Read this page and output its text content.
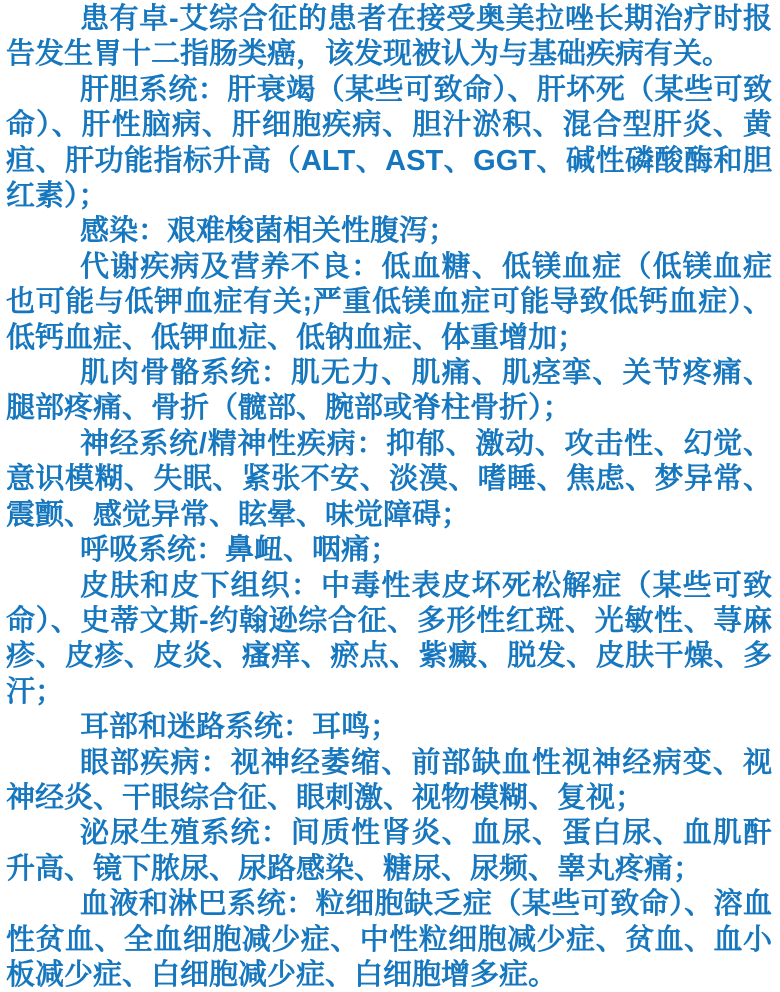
患有卓-艾综合征的患者在接受奥美拉唑长期治疗时报告发生胃十二指肠类癌，该发现被认为与基础疾病有关。

肝胆系统：肝衰竭（某些可致命）、肝坏死（某些可致命）、肝性脑病、肝细胞疾病、胆汁淤积、混合型肝炎、黄疸、肝功能指标升高（ALT、AST、GGT、碱性磷酸酶和胆红素）；

感染：艰难梭菌相关性腹泻；

代谢疾病及营养不良：低血糖、低镁血症（低镁血症也可能与低钾血症有关;严重低镁血症可能导致低钙血症）、低钙血症、低钾血症、低钠血症、体重增加；

肌肉骨骼系统：肌无力、肌痛、肌痉挛、关节疼痛、腿部疼痛、骨折（髋部、腕部或脊柱骨折）；

神经系统/精神性疾病：抑郁、激动、攻击性、幻觉、意识模糊、失眠、紧张不安、淡漠、嗜睡、焦虑、梦异常、震颤、感觉异常、眩晕、味觉障碍；

呼吸系统：鼻衄、咽痛；

皮肤和皮下组织：中毒性表皮坏死松解症（某些可致命）、史蒂文斯-约翰逊综合征、多形性红斑、光敏性、荨麻疹、皮疹、皮炎、瘙痒、瘀点、紫癜、脱发、皮肤干燥、多汗；

耳部和迷路系统：耳鸣；

眼部疾病：视神经萎缩、前部缺血性视神经病变、视神经炎、干眼综合征、眼刺激、视物模糊、复视；

泌尿生殖系统：间质性肾炎、血尿、蛋白尿、血肌酐升高、镜下脓尿、尿路感染、糖尿、尿频、睾丸疼痛；

血液和淋巴系统：粒细胞缺乏症（某些可致命）、溶血性贫血、全血细胞减少症、中性粒细胞减少症、贫血、血小板减少症、白细胞减少症、白细胞增多症。
